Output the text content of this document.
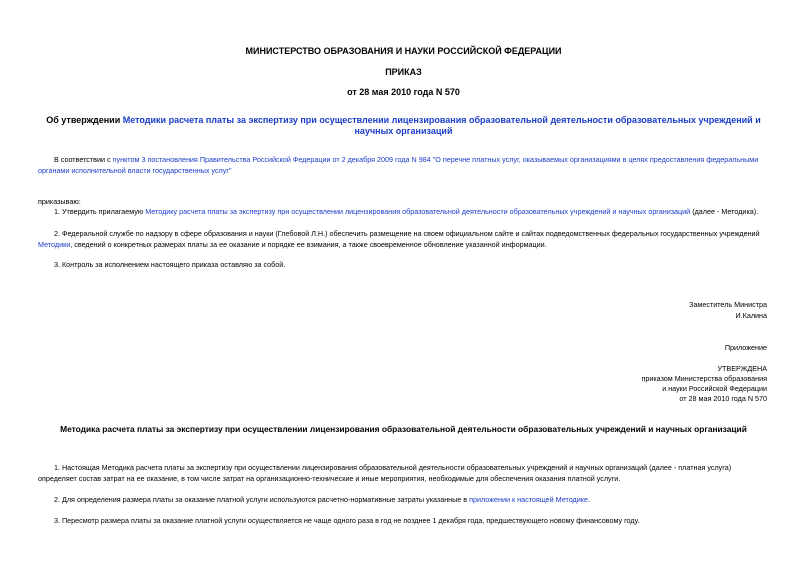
МИНИСТЕРСТВО ОБРАЗОВАНИЯ И НАУКИ РОССИЙСКОЙ ФЕДЕРАЦИИ
ПРИКАЗ
от 28 мая 2010 года N 570
Об утверждении Методики расчета платы за экспертизу при осуществлении лицензирования образовательной деятельности образовательных учреждений и научных организаций
В соответствии с пунктом 3 постановления Правительства Российской Федерации от 2 декабря 2009 года N 984 "О перечне платных услуг, оказываемых организациями в целях предоставления федеральными органами исполнительной власти государственных услуг"
приказываю:
1. Утвердить прилагаемую Методику расчета платы за экспертизу при осуществлении лицензирования образовательной деятельности образовательных учреждений и научных организаций (далее - Методика).
2. Федеральной службе по надзору в сфере образования и науки (Глебовой Л.Н.) обеспечить размещение на своем официальном сайте и сайтах подведомственных федеральных государственных учреждений Методики, сведений о конкретных размерах платы за ее оказание и порядке ее взимания, а также своевременное обновление указанной информации.
3. Контроль за исполнением настоящего приказа оставляю за собой.
Заместитель Министра
И.Калина
Приложение
УТВЕРЖДЕНА
приказом Министерства образования
и науки Российской Федерации
от 28 мая 2010 года N 570
Методика расчета платы за экспертизу при осуществлении лицензирования образовательной деятельности образовательных учреждений и научных организаций
1. Настоящая Методика расчета платы за экспертизу при осуществлении лицензирования образовательной деятельности образовательных учреждений и научных организаций (далее - платная услуга) определяет состав затрат на ее оказание, в том числе затрат на организационно-технические и иные мероприятия, необходимые для обеспечения оказания платной услуги.
2. Для определения размера платы за оказание платной услуги используются расчетно-нормативные затраты указанные в приложении к настоящей Методике.
3. Пересмотр размера платы за оказание платной услуги осуществляется не чаще одного раза в год не позднее 1 декабря года, предшествующего новому финансовому году.
